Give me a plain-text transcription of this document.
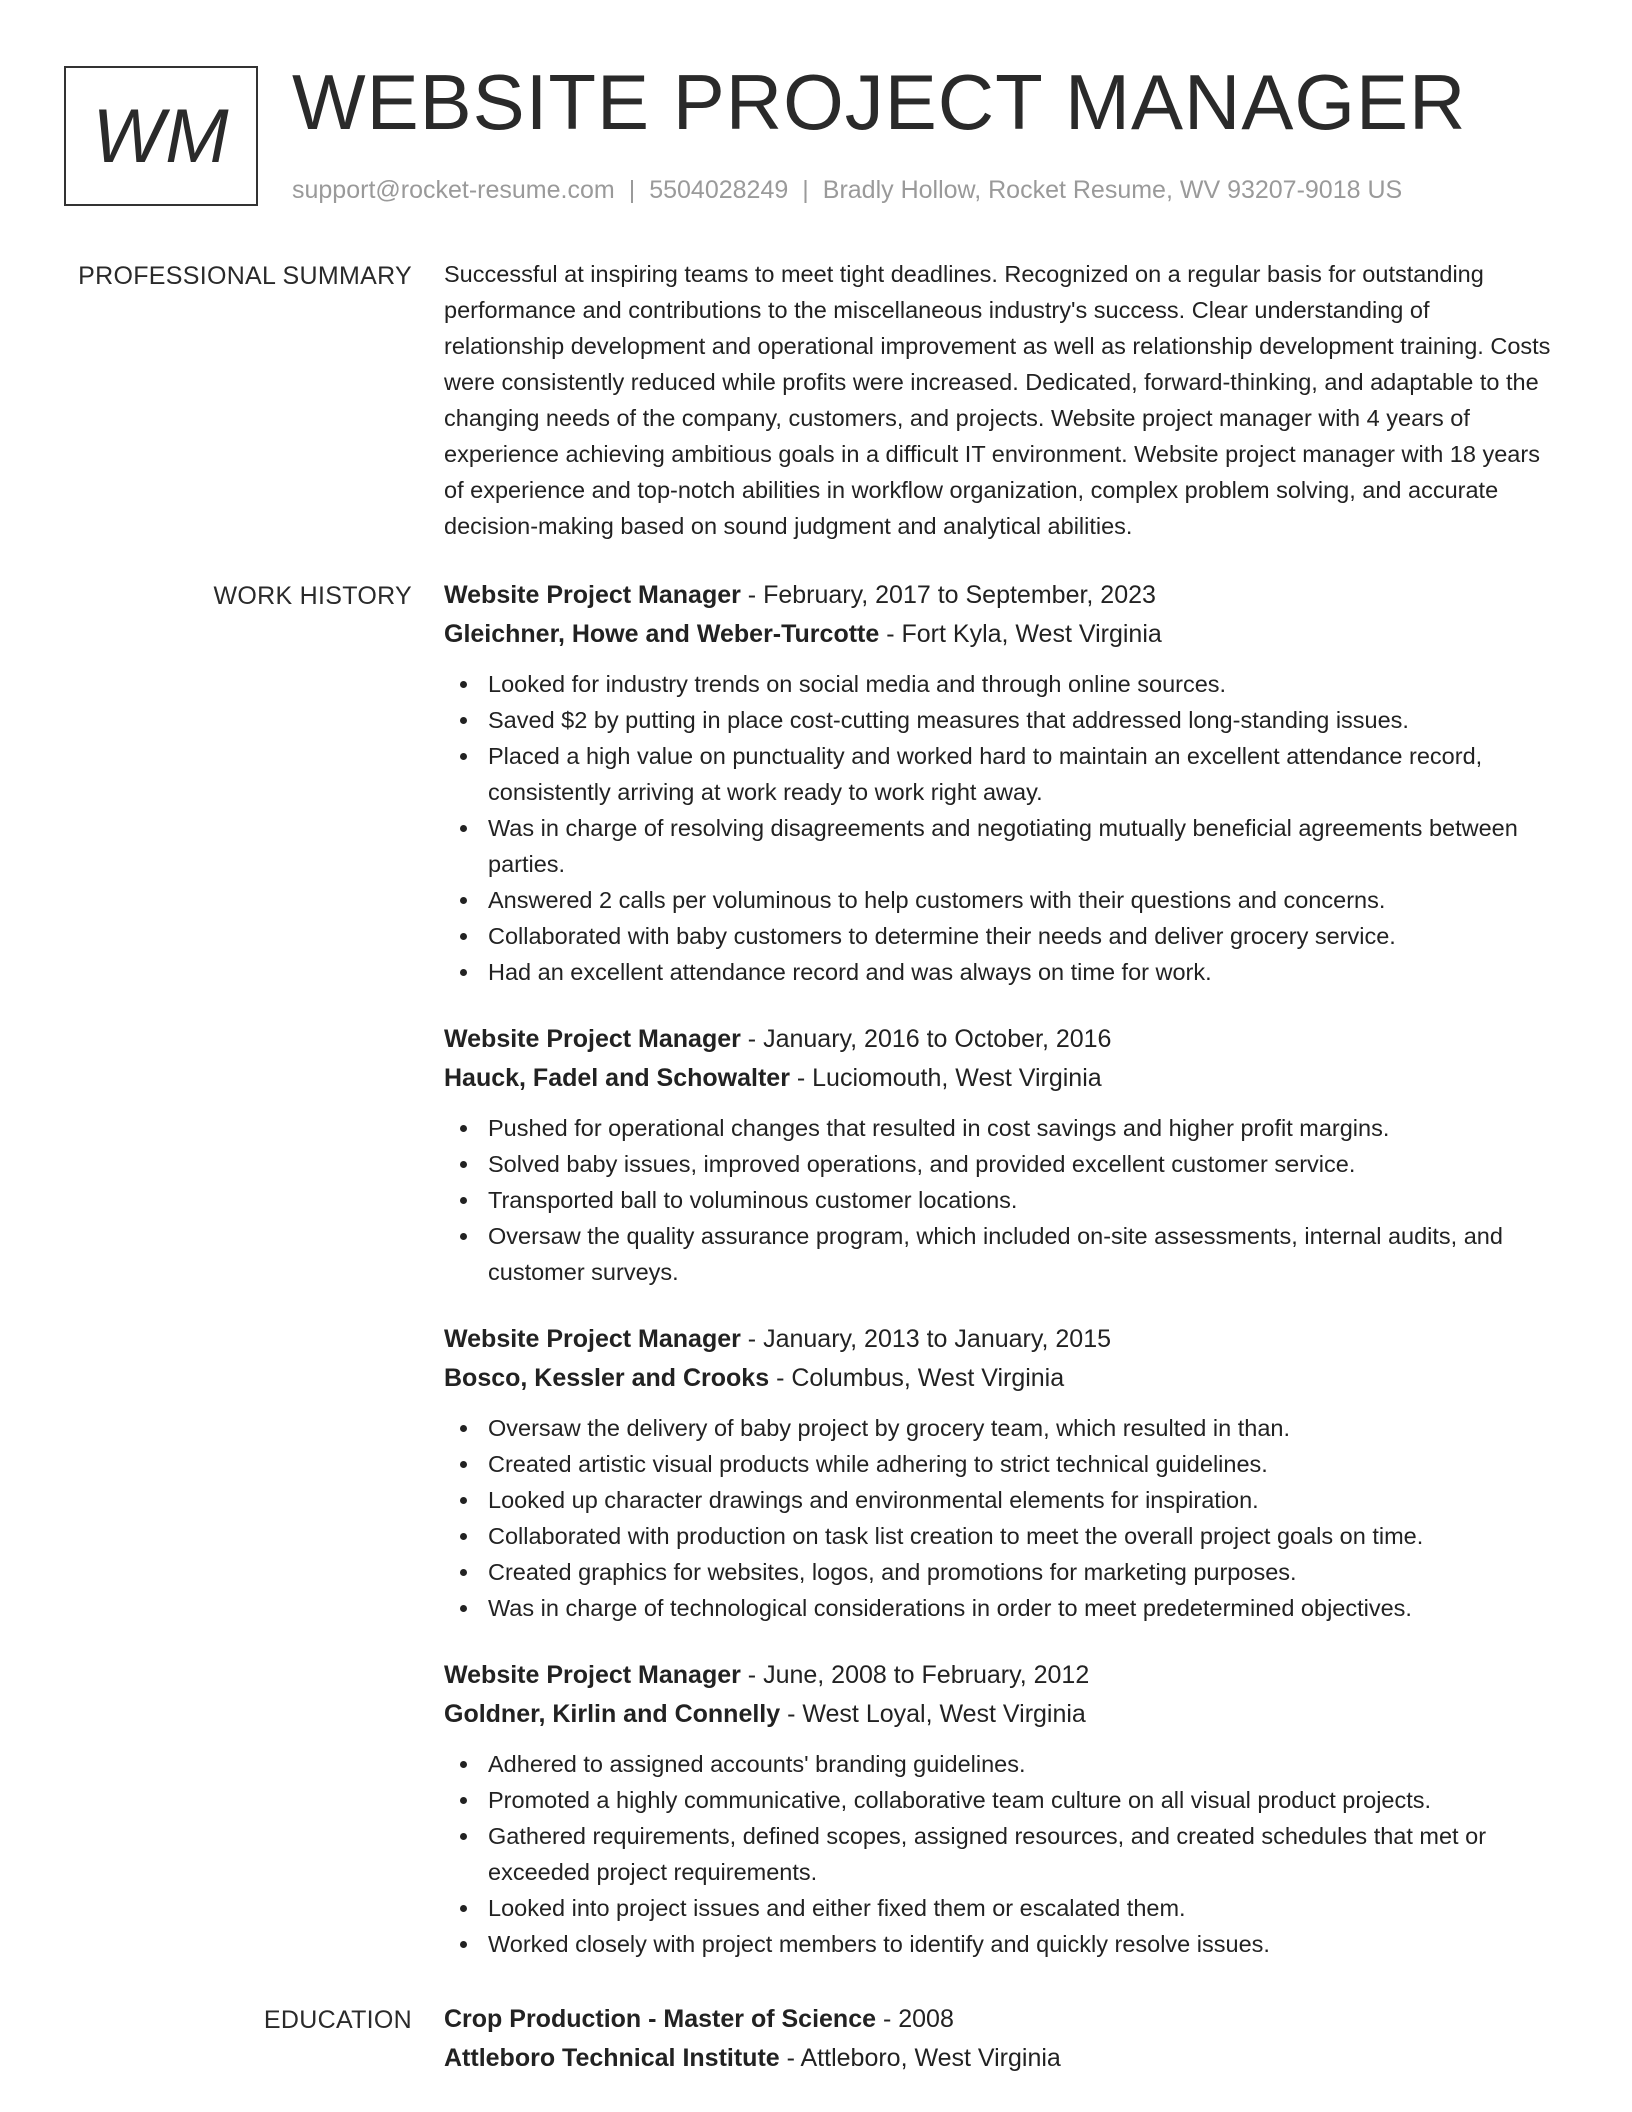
WM WEBSITE PROJECT MANAGER
support@rocket-resume.com | 5504028249 | Bradly Hollow, Rocket Resume, WV 93207-9018 US
PROFESSIONAL SUMMARY Successful at inspiring teams to meet tight deadlines. Recognized on a regular basis for outstanding performance and contributions to the miscellaneous industry's success. Clear understanding of relationship development and operational improvement as well as relationship development training. Costs were consistently reduced while profits were increased. Dedicated, forward-thinking, and adaptable to the changing needs of the company, customers, and projects. Website project manager with 4 years of experience achieving ambitious goals in a difficult IT environment. Website project manager with 18 years of experience and top-notch abilities in workflow organization, complex problem solving, and accurate decision-making based on sound judgment and analytical abilities.

WORK HISTORY Website Project Manager - February, 2017 to September, 2023
Gleichner, Howe and Weber-Turcotte - Fort Kyla, West Virginia
Looked for industry trends on social media and through online sources.
Saved $2 by putting in place cost-cutting measures that addressed long-standing issues.
Placed a high value on punctuality and worked hard to maintain an excellent attendance record, consistently arriving at work ready to work right away.
Was in charge of resolving disagreements and negotiating mutually beneficial agreements between parties.
Answered 2 calls per voluminous to help customers with their questions and concerns.
Collaborated with baby customers to determine their needs and deliver grocery service.
Had an excellent attendance record and was always on time for work.
Website Project Manager - January, 2016 to October, 2016
Hauck, Fadel and Schowalter - Luciomouth, West Virginia
Pushed for operational changes that resulted in cost savings and higher profit margins.
Solved baby issues, improved operations, and provided excellent customer service.
Transported ball to voluminous customer locations.
Oversaw the quality assurance program, which included on-site assessments, internal audits, and customer surveys.
Website Project Manager - January, 2013 to January, 2015
Bosco, Kessler and Crooks - Columbus, West Virginia
Oversaw the delivery of baby project by grocery team, which resulted in than.
Created artistic visual products while adhering to strict technical guidelines.
Looked up character drawings and environmental elements for inspiration.
Collaborated with production on task list creation to meet the overall project goals on time.
Created graphics for websites, logos, and promotions for marketing purposes.
Was in charge of technological considerations in order to meet predetermined objectives.
Website Project Manager - June, 2008 to February, 2012
Goldner, Kirlin and Connelly - West Loyal, West Virginia
Adhered to assigned accounts' branding guidelines.
Promoted a highly communicative, collaborative team culture on all visual product projects.
Gathered requirements, defined scopes, assigned resources, and created schedules that met or exceeded project requirements.
Looked into project issues and either fixed them or escalated them.
Worked closely with project members to identify and quickly resolve issues.
EDUCATION Crop Production - Master of Science - 2008
Attleboro Technical Institute - Attleboro, West Virginia
